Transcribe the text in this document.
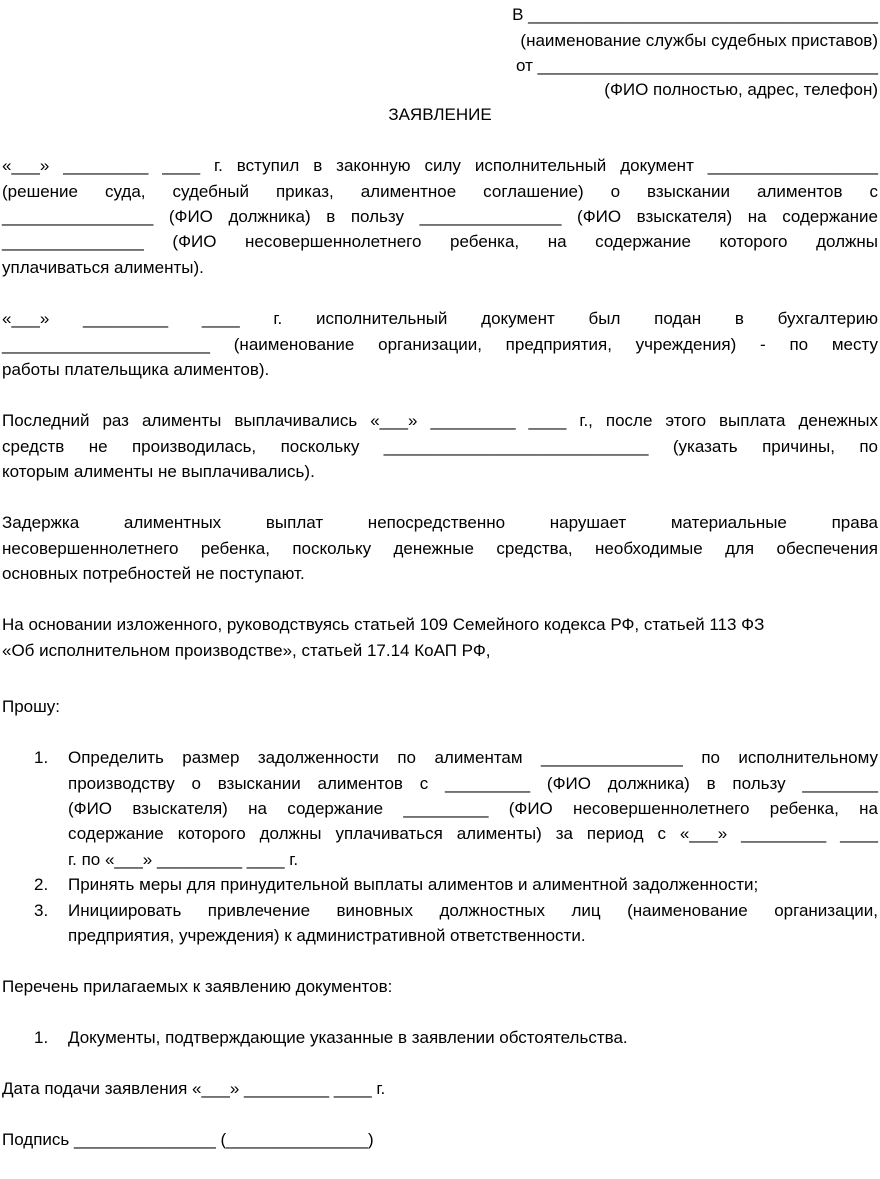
В _____________________________________
(наименование службы судебных приставов)
от ____________________________________
(ФИО полностью, адрес, телефон)
ЗАЯВЛЕНИЕ
«___» _________ ____ г. вступил в законную силу исполнительный документ __________________
(решение суда, судебный приказ, алиментное соглашение) о взыскании алиментов с
________________ (ФИО должника) в пользу _______________ (ФИО взыскателя) на содержание
_______________ (ФИО несовершеннолетнего ребенка, на содержание которого должны
уплачиваться алименты).
«___» _________ ____ г. исполнительный документ был подан в бухгалтерию
______________________ (наименование организации, предприятия, учреждения) - по месту
работы плательщика алиментов).
Последний раз алименты выплачивались «___» _________ ____ г., после этого выплата денежных
средств не производилась, поскольку ____________________________ (указать причины, по
которым алименты не выплачивались).
Задержка алиментных выплат непосредственно нарушает материальные права
несовершеннолетнего ребенка, поскольку денежные средства, необходимые для обеспечения
основных потребностей не поступают.
На основании изложенного, руководствуясь статьей 109 Семейного кодекса РФ, статьей 113 ФЗ
«Об исполнительном производстве», статьей 17.14 КоАП РФ,
Прошу:
1. Определить размер задолженности по алиментам _______________ по исполнительному
производству о взыскании алиментов с _________ (ФИО должника) в пользу ________
(ФИО взыскателя) на содержание _________ (ФИО несовершеннолетнего ребенка, на
содержание которого должны уплачиваться алименты) за период с «___» _________ ____
г. по «___» _________ ____ г.
2. Принять меры для принудительной выплаты алиментов и алиментной задолженности;
3. Инициировать привлечение виновных должностных лиц (наименование организации,
предприятия, учреждения) к административной ответственности.
Перечень прилагаемых к заявлению документов:
1. Документы, подтверждающие указанные в заявлении обстоятельства.
Дата подачи заявления «___» _________ ____ г.
Подпись _______________ (_______________)
